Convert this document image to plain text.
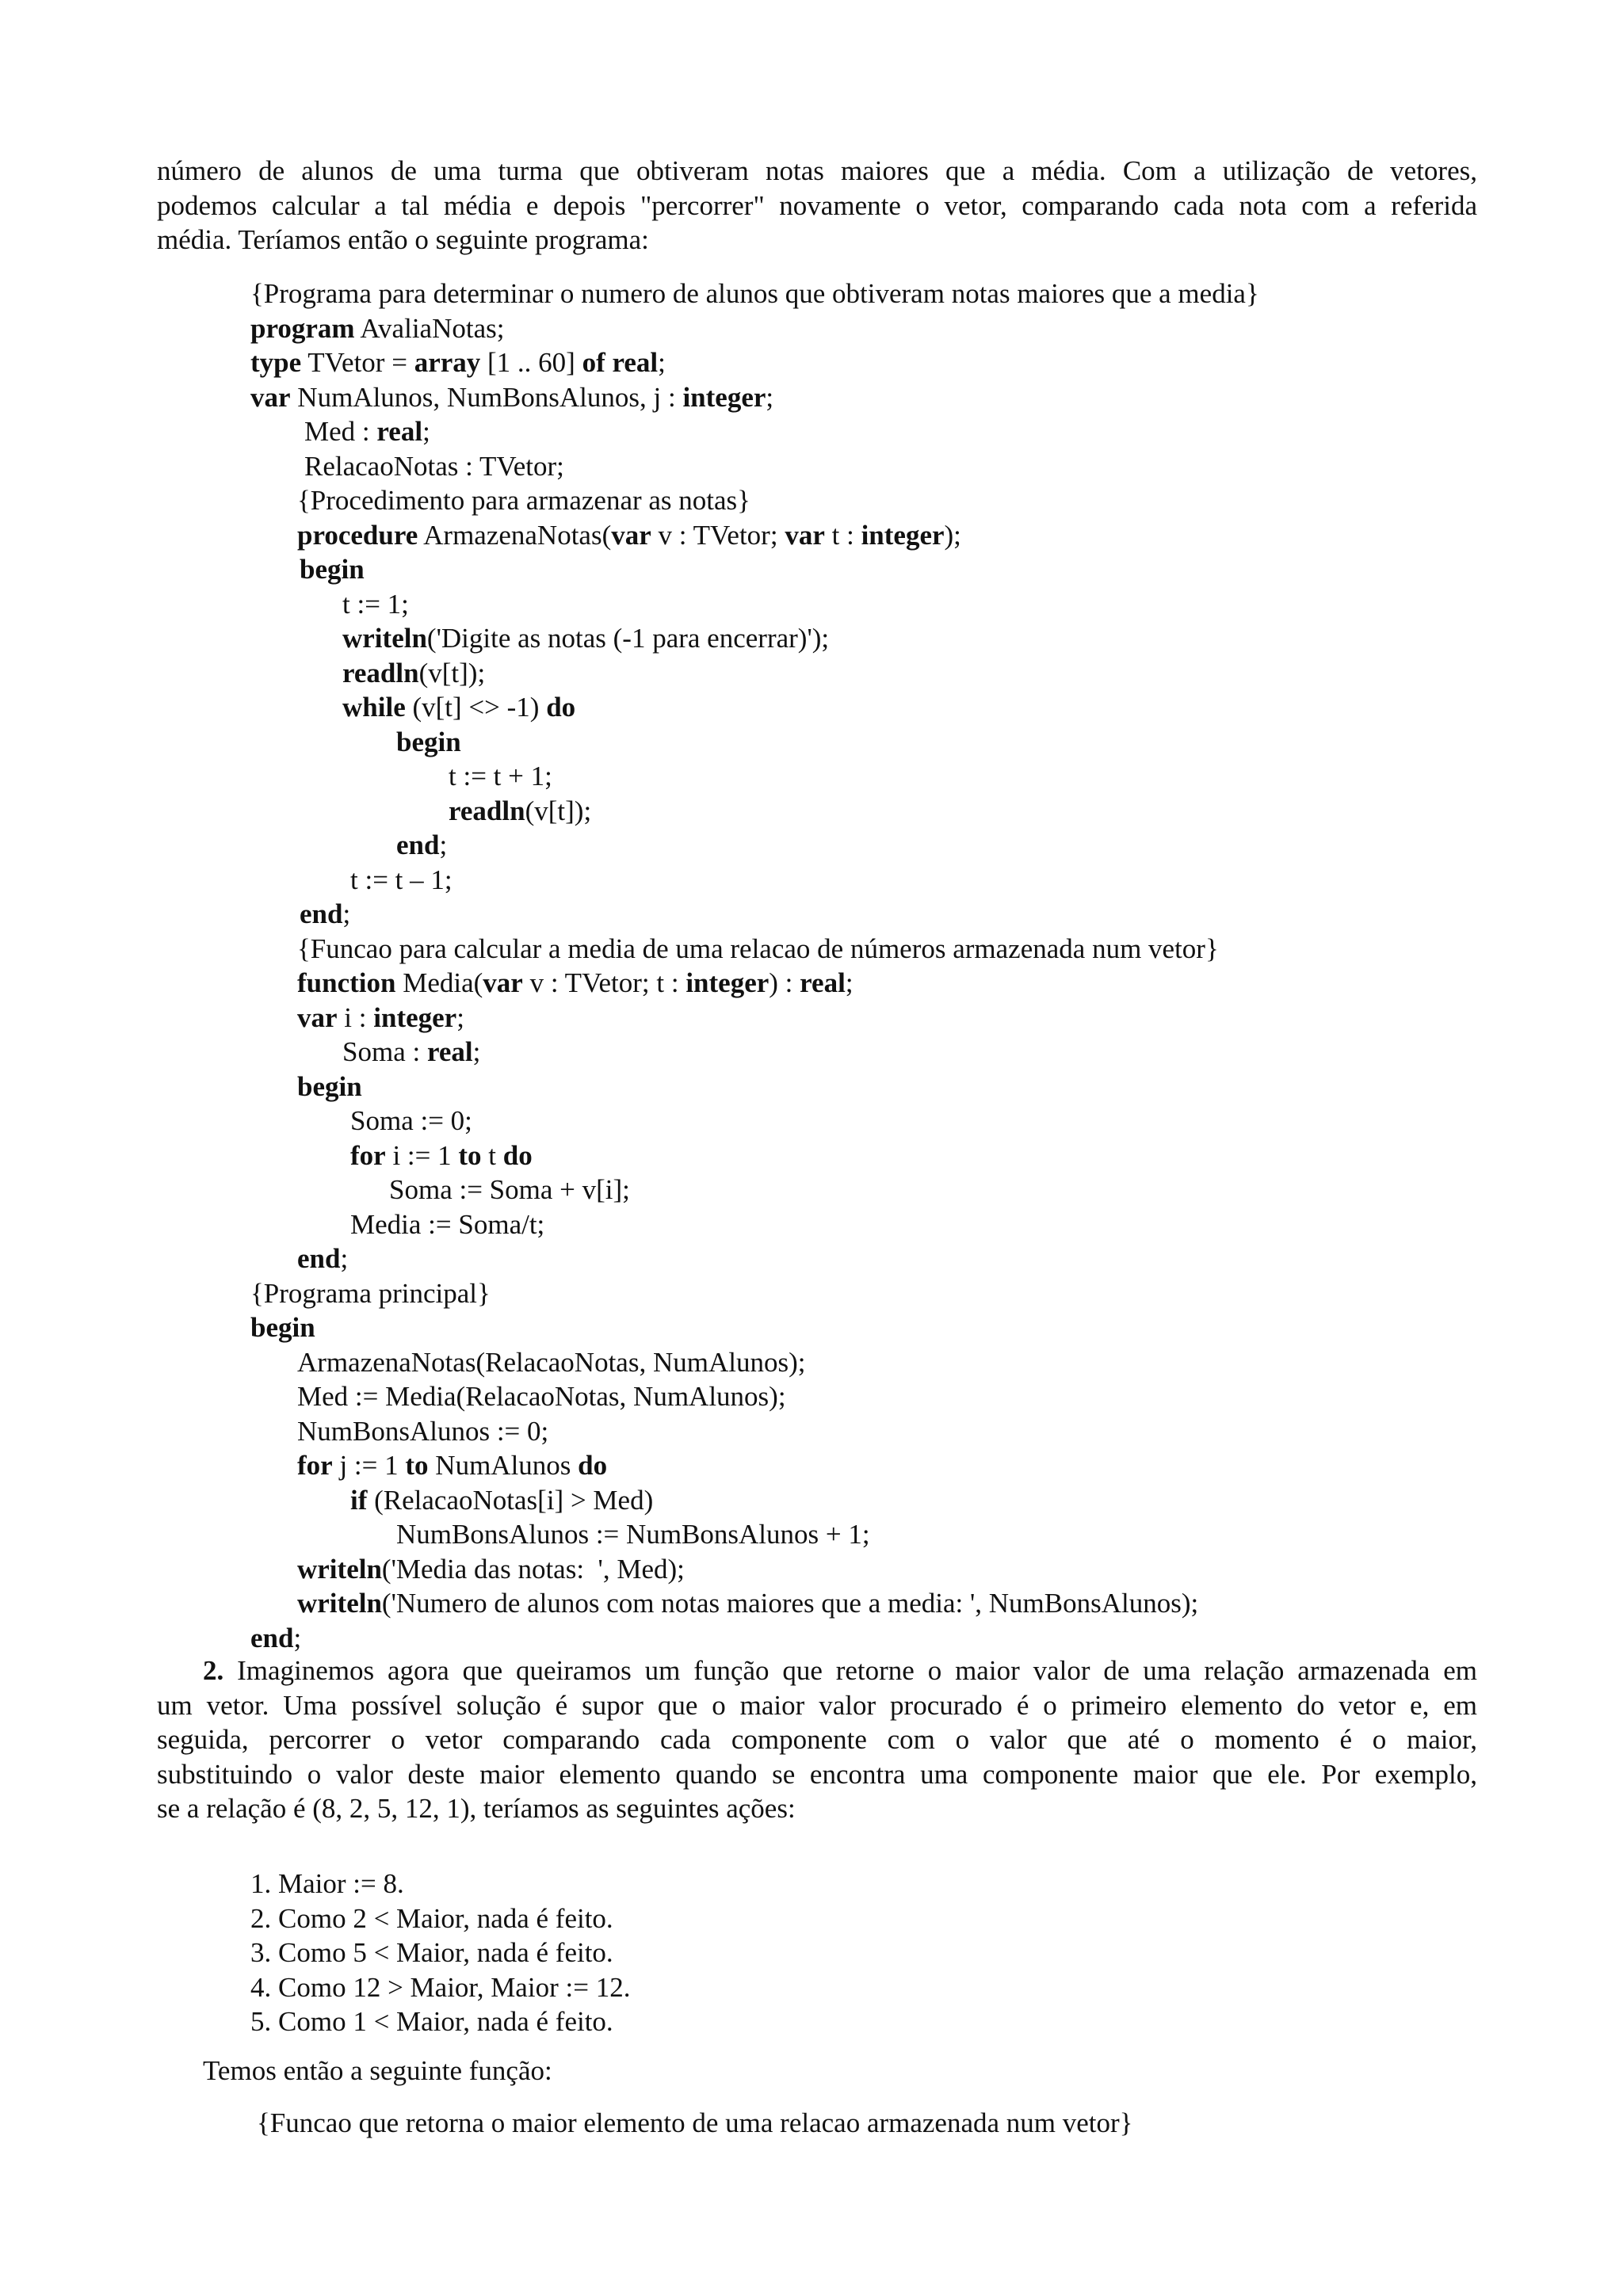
número de alunos de uma turma que obtiveram notas maiores que a média. Com a utilização de vetores,
podemos calcular a tal média e depois "percorrer" novamente o vetor, comparando cada nota com a referida
média. Teríamos então o seguinte programa:
{Programa para determinar o numero de alunos que obtiveram notas maiores que a media}
program AvaliaNotas;
type TVetor = array [1 .. 60] of real;
var NumAlunos, NumBonsAlunos, j : integer;
Med : real;
RelacaoNotas : TVetor;
{Procedimento para armazenar as notas}
procedure ArmazenaNotas(var v : TVetor; var t : integer);
begin
t := 1;
writeln('Digite as notas (-1 para encerrar)');
readln(v[t]);
while (v[t] <> -1) do
begin
t := t + 1;
readln(v[t]);
end;
t := t – 1;
end;
{Funcao para calcular a media de uma relacao de números armazenada num vetor}
function Media(var v : TVetor; t : integer) : real;
var i : integer;
Soma : real;
begin
Soma := 0;
for i := 1 to t do
Soma := Soma + v[i];
Media := Soma/t;
end;
{Programa principal}
begin
ArmazenaNotas(RelacaoNotas, NumAlunos);
Med := Media(RelacaoNotas, NumAlunos);
NumBonsAlunos := 0;
for j := 1 to NumAlunos do
if (RelacaoNotas[i] > Med)
NumBonsAlunos := NumBonsAlunos + 1;
writeln('Media das notas:  ', Med);
writeln('Numero de alunos com notas maiores que a media: ', NumBonsAlunos);
end;
2. Imaginemos agora que queiramos um função que retorne o maior valor de uma relação armazenada em
um vetor. Uma possível solução é supor que o maior valor procurado é o primeiro elemento do vetor e, em
seguida, percorrer o vetor comparando cada componente com o valor que até o momento é o maior,
substituindo o valor deste maior elemento quando se encontra uma componente maior que ele. Por exemplo,
se a relação é (8, 2, 5, 12, 1), teríamos as seguintes ações:
1. Maior := 8.
2. Como 2 < Maior, nada é feito.
3. Como 5 < Maior, nada é feito.
4. Como 12 > Maior, Maior := 12.
5. Como 1 < Maior, nada é feito.
Temos então a seguinte função:
{Funcao que retorna o maior elemento de uma relacao armazenada num vetor}
